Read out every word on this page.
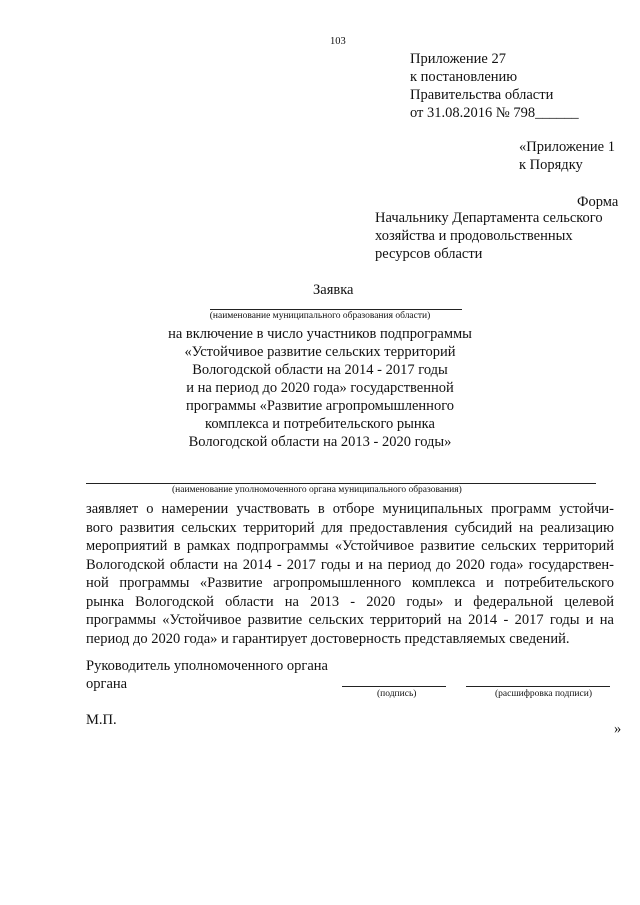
103
Приложение 27
к постановлению
Правительства области
от 31.08.2016 № 798______
«Приложение 1
к Порядку
Форма
Начальнику Департамента сельского
хозяйства и продовольственных
ресурсов области
Заявка
(наименование муниципального образования области)
на включение в число участников подпрограммы
«Устойчивое развитие сельских территорий
Вологодской области на 2014 - 2017 годы
и на период до 2020 года» государственной
программы «Развитие агропромышленного
комплекса и потребительского рынка
Вологодской области на 2013 - 2020 годы»
(наименование уполномоченного органа муниципального образования)
заявляет о намерении участвовать в отборе муниципальных программ устойчи-
вого развития сельских территорий для предоставления субсидий на реализацию
мероприятий в рамках подпрограммы «Устойчивое развитие сельских территорий
Вологодской области на 2014 - 2017 годы и на период до 2020 года» государствен-
ной программы «Развитие агропромышленного комплекса и потребительского
рынка Вологодской области на 2013 - 2020 годы» и федеральной целевой
программы «Устойчивое развитие сельских территорий на 2014 - 2017 годы и на
период до 2020 года» и гарантирует достоверность представляемых сведений.
Руководитель уполномоченного органа
органа
(подпись)	(расшифровка подписи)
М.П.
»
